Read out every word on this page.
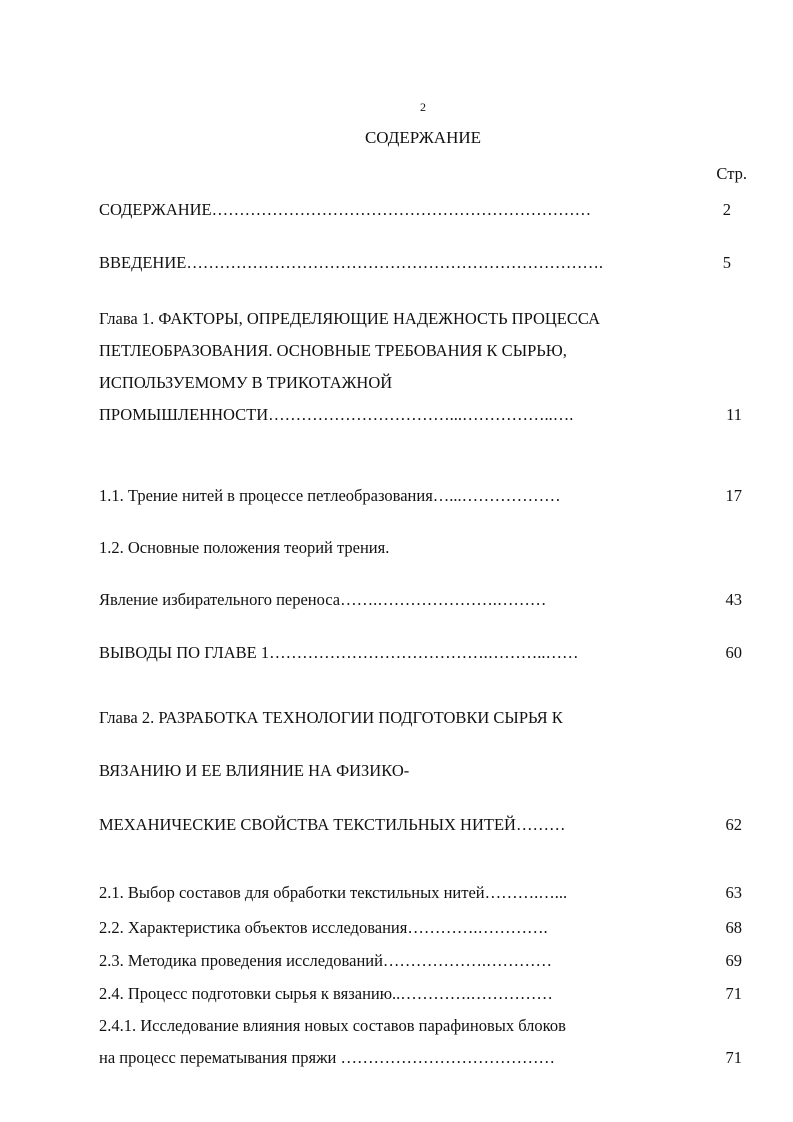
2
СОДЕРЖАНИЕ
Стр.
СОДЕРЖАНИЕ……………………………………………………………	2
ВВЕДЕНИЕ………………………………………………………………….	5
Глава 1. ФАКТОРЫ, ОПРЕДЕЛЯЮЩИЕ НАДЕЖНОСТЬ ПРОЦЕССА
ПЕТЛЕОБРАЗОВАНИЯ. ОСНОВНЫЕ ТРЕБОВАНИЯ К СЫРЬЮ,
ИСПОЛЬЗУЕМОМУ В ТРИКОТАЖНОЙ
ПРОМЫШЛЕННОСТИ……………………………...……………..….	11
1.1. Трение нитей в процессе петлеобразования…...………………	17
1.2. Основные положения теорий трения.
Явление избирательного переноса…….………………….………	43
ВЫВОДЫ ПО ГЛАВЕ 1………………………………….………..……	60
Глава 2. РАЗРАБОТКА ТЕХНОЛОГИИ ПОДГОТОВКИ СЫРЬЯ К
ВЯЗАНИЮ И ЕЕ ВЛИЯНИЕ НА ФИЗИКО-
МЕХАНИЧЕСКИЕ СВОЙСТВА ТЕКСТИЛЬНЫХ НИТЕЙ………	62
2.1. Выбор составов для обработки текстильных нитей……….…...	63
2.2. Характеристика объектов исследования………….………….	68
2.3. Методика проведения исследований……………….…………	69
2.4. Процесс подготовки сырья к вязанию..………….……………	71
2.4.1. Исследование влияния новых составов парафиновых блоков
на процесс перематывания пряжи …………………………………	71
